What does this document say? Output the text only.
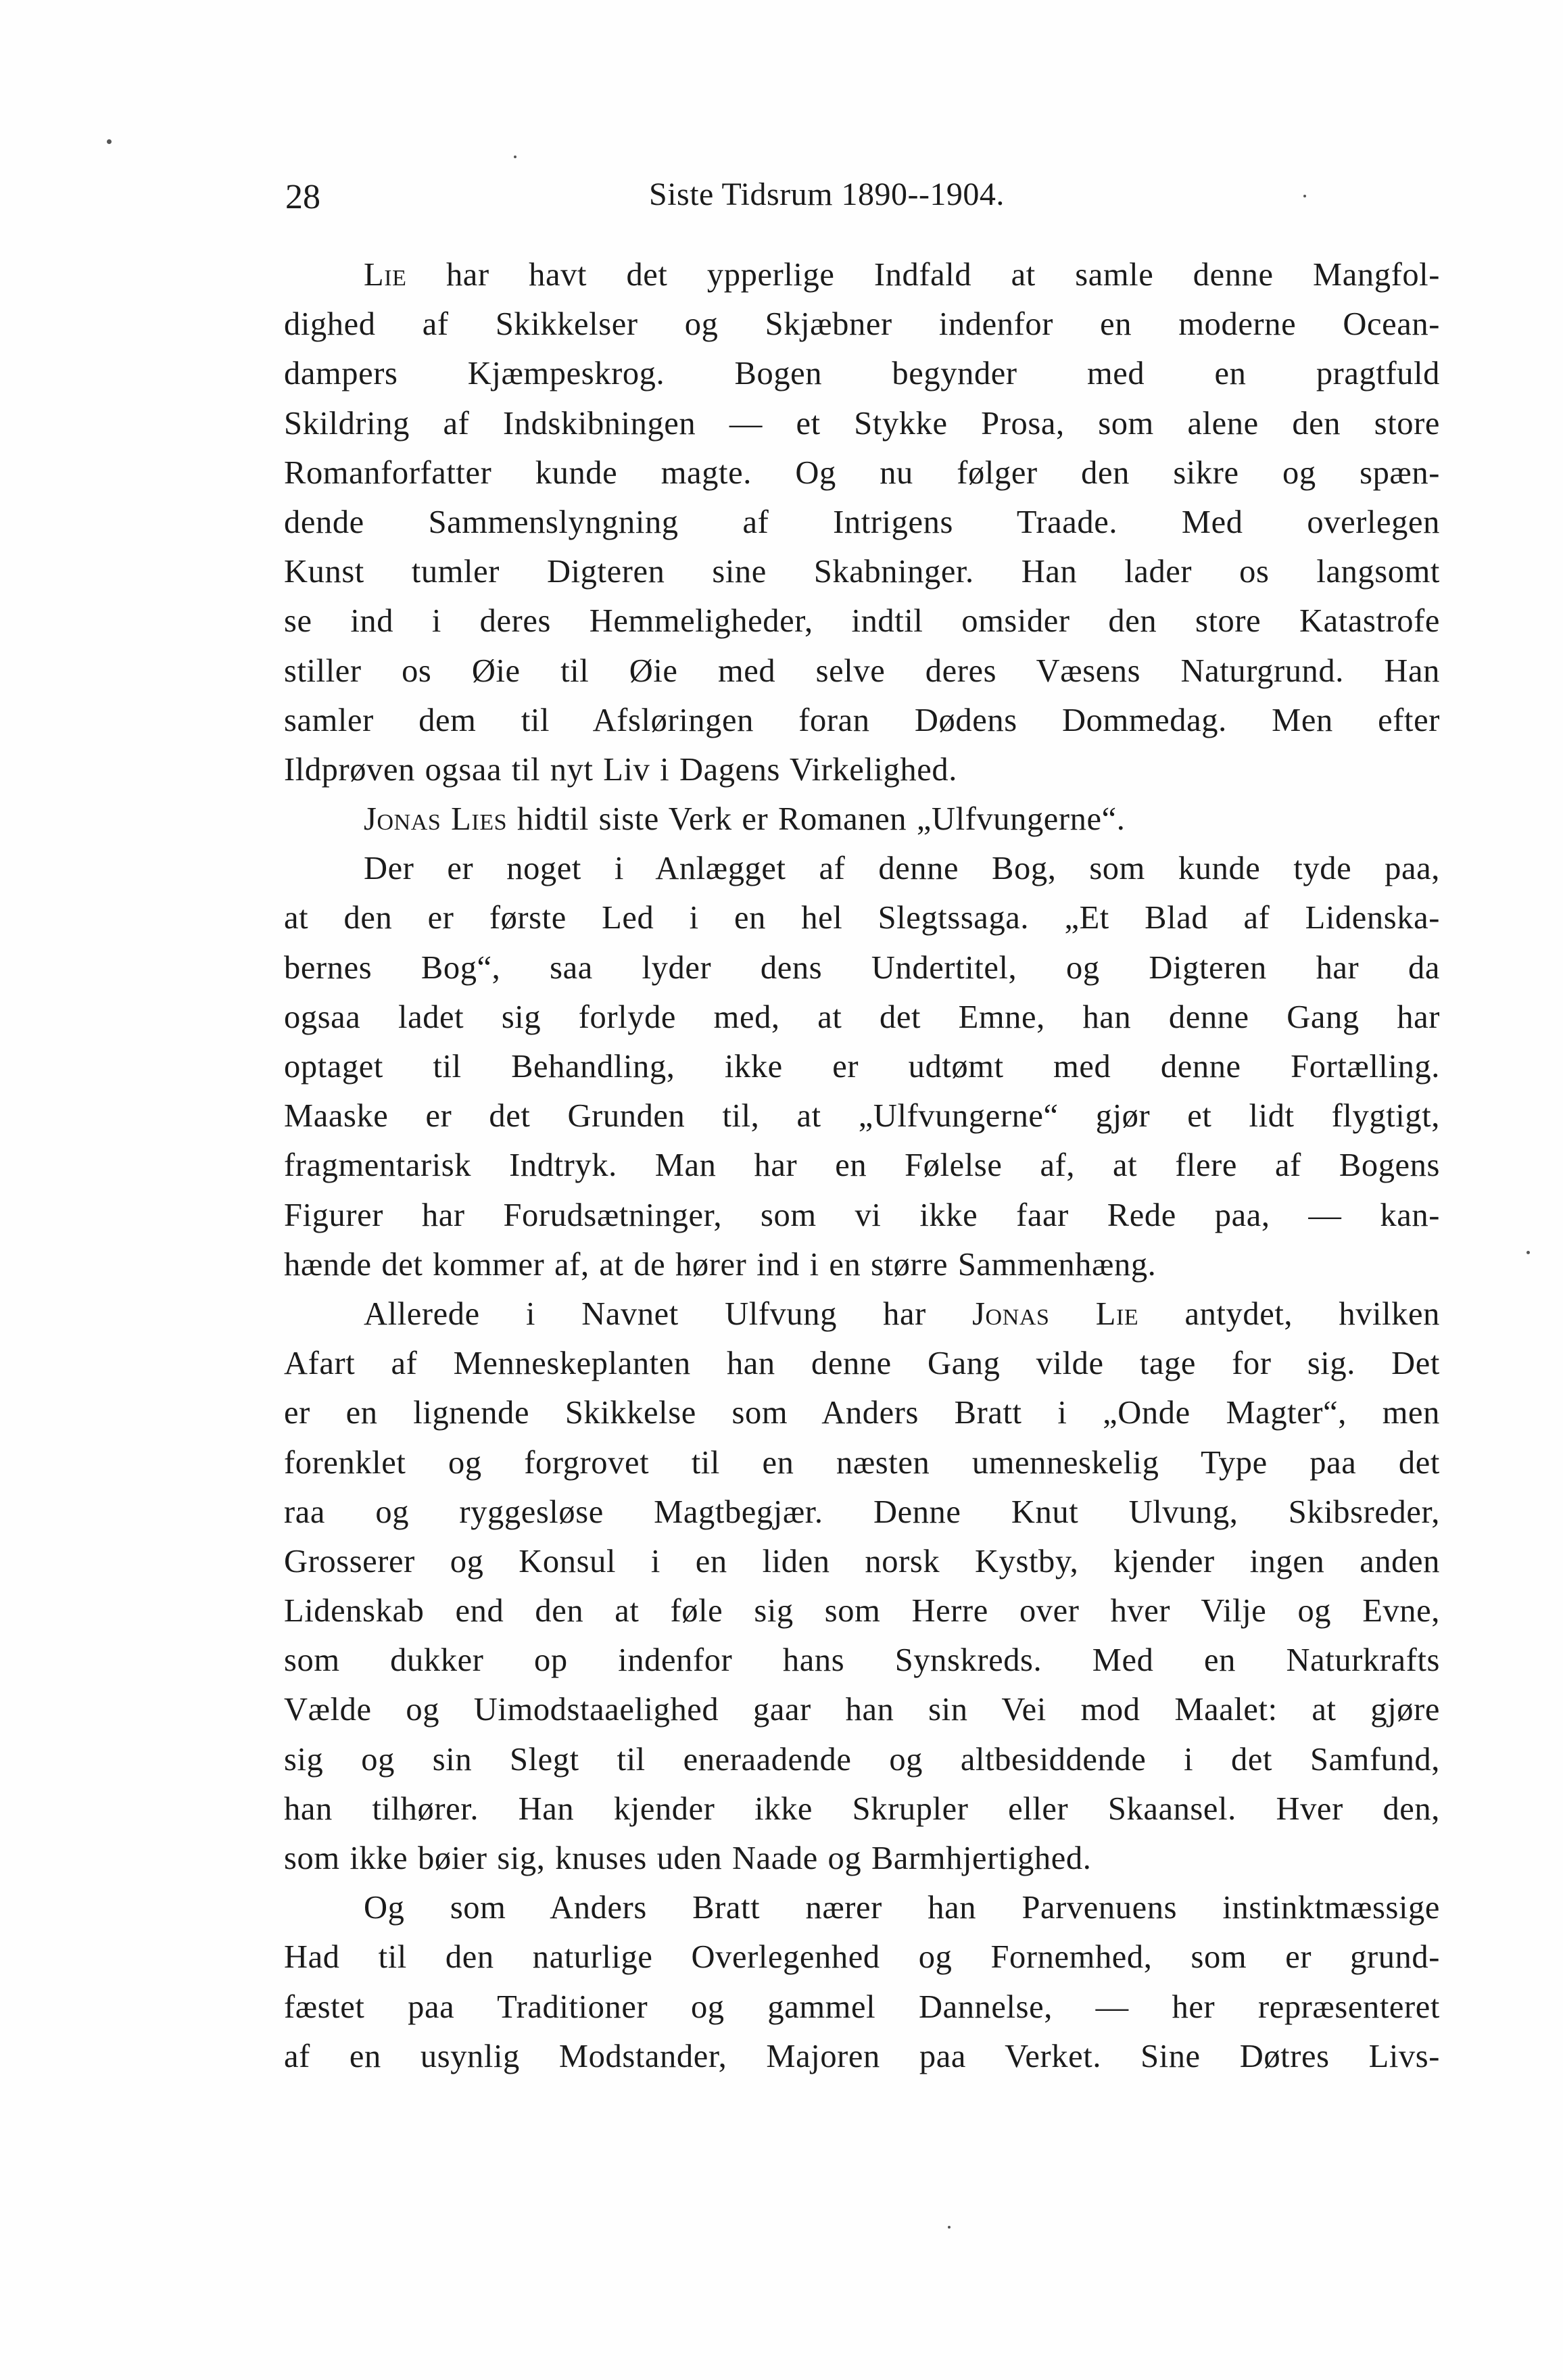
28	Siste Tidsrum 1890--1904.
Lie har havt det ypperlige Indfald at samle denne Mangfol-
dighed af Skikkelser og Skjæbner indenfor en moderne Ocean-
dampers Kjæmpeskrog. Bogen begynder med en pragtfuld
Skildring af Indskibningen — et Stykke Prosa, som alene den store
Romanforfatter kunde magte. Og nu følger den sikre og spæn-
dende Sammenslyngning af Intrigens Traade. Med overlegen
Kunst tumler Digteren sine Skabninger. Han lader os langsomt
se ind i deres Hemmeligheder, indtil omsider den store Katastrofe
stiller os Øie til Øie med selve deres Væsens Naturgrund. Han
samler dem til Afsløringen foran Dødens Dommedag. Men efter
Ildprøven ogsaa til nyt Liv i Dagens Virkelighed.
Jonas Lies hidtil siste Verk er Romanen „Ulfvungerne“.
Der er noget i Anlægget af denne Bog, som kunde tyde paa,
at den er første Led i en hel Slegtssaga. „Et Blad af Lidenska-
bernes Bog“, saa lyder dens Undertitel, og Digteren har da
ogsaa ladet sig forlyde med, at det Emne, han denne Gang har
optaget til Behandling, ikke er udtømt med denne Fortælling.
Maaske er det Grunden til, at „Ulfvungerne“ gjør et lidt flygtigt,
fragmentarisk Indtryk. Man har en Følelse af, at flere af Bogens
Figurer har Forudsætninger, som vi ikke faar Rede paa, — kan-
hænde det kommer af, at de hører ind i en større Sammenhæng.
Allerede i Navnet Ulfvung har Jonas Lie antydet, hvilken
Afart af Menneskeplanten han denne Gang vilde tage for sig. Det
er en lignende Skikkelse som Anders Bratt i „Onde Magter“, men
forenklet og forgrovet til en næsten umenneskelig Type paa det
raa og ryggesløse Magtbegjær. Denne Knut Ulvung, Skibsreder,
Grosserer og Konsul i en liden norsk Kystby, kjender ingen anden
Lidenskab end den at føle sig som Herre over hver Vilje og Evne,
som dukker op indenfor hans Synskreds. Med en Naturkrafts
Vælde og Uimodstaaelighed gaar han sin Vei mod Maalet: at gjøre
sig og sin Slegt til eneraadende og altbesiddende i det Samfund,
han tilhører. Han kjender ikke Skrupler eller Skaansel. Hver den,
som ikke bøier sig, knuses uden Naade og Barmhjertighed.
Og som Anders Bratt nærer han Parvenuens instinktmæssige
Had til den naturlige Overlegenhed og Fornemhed, som er grund-
fæstet paa Traditioner og gammel Dannelse, — her repræsenteret
af en usynlig Modstander, Majoren paa Verket. Sine Døtres Livs-
